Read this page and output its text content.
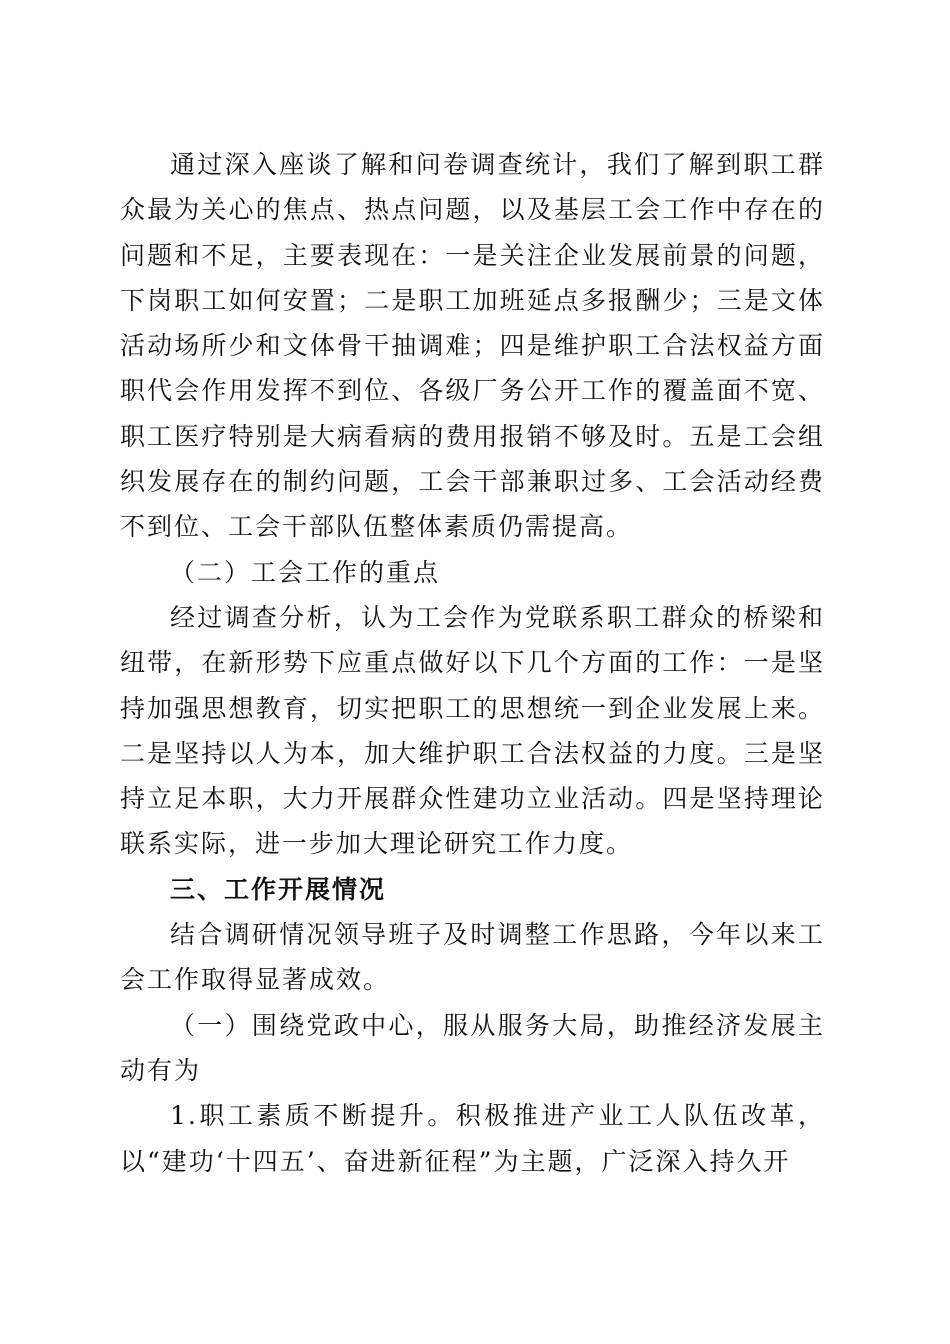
通过深入座谈了解和问卷调查统计，我们了解到职工群众最为关心的焦点、热点问题，以及基层工会工作中存在的问题和不足，主要表现在：一是关注企业发展前景的问题，下岗职工如何安置；二是职工加班延点多报酬少；三是文体活动场所少和文体骨干抽调难；四是维护职工合法权益方面职代会作用发挥不到位、各级厂务公开工作的覆盖面不宽、职工医疗特别是大病看病的费用报销不够及时。五是工会组织发展存在的制约问题，工会干部兼职过多、工会活动经费不到位、工会干部队伍整体素质仍需提高。

（二）工会工作的重点

经过调查分析，认为工会作为党联系职工群众的桥梁和纽带，在新形势下应重点做好以下几个方面的工作：一是坚持加强思想教育，切实把职工的思想统一到企业发展上来。二是坚持以人为本，加大维护职工合法权益的力度。三是坚持立足本职，大力开展群众性建功立业活动。四是坚持理论联系实际，进一步加大理论研究工作力度。

三、工作开展情况

结合调研情况领导班子及时调整工作思路，今年以来工会工作取得显著成效。

（一）围绕党政中心，服从服务大局，助推经济发展主动有为

1.职工素质不断提升。积极推进产业工人队伍改革，以“建功‘十四五’、奋进新征程”为主题，广泛深入持久开
